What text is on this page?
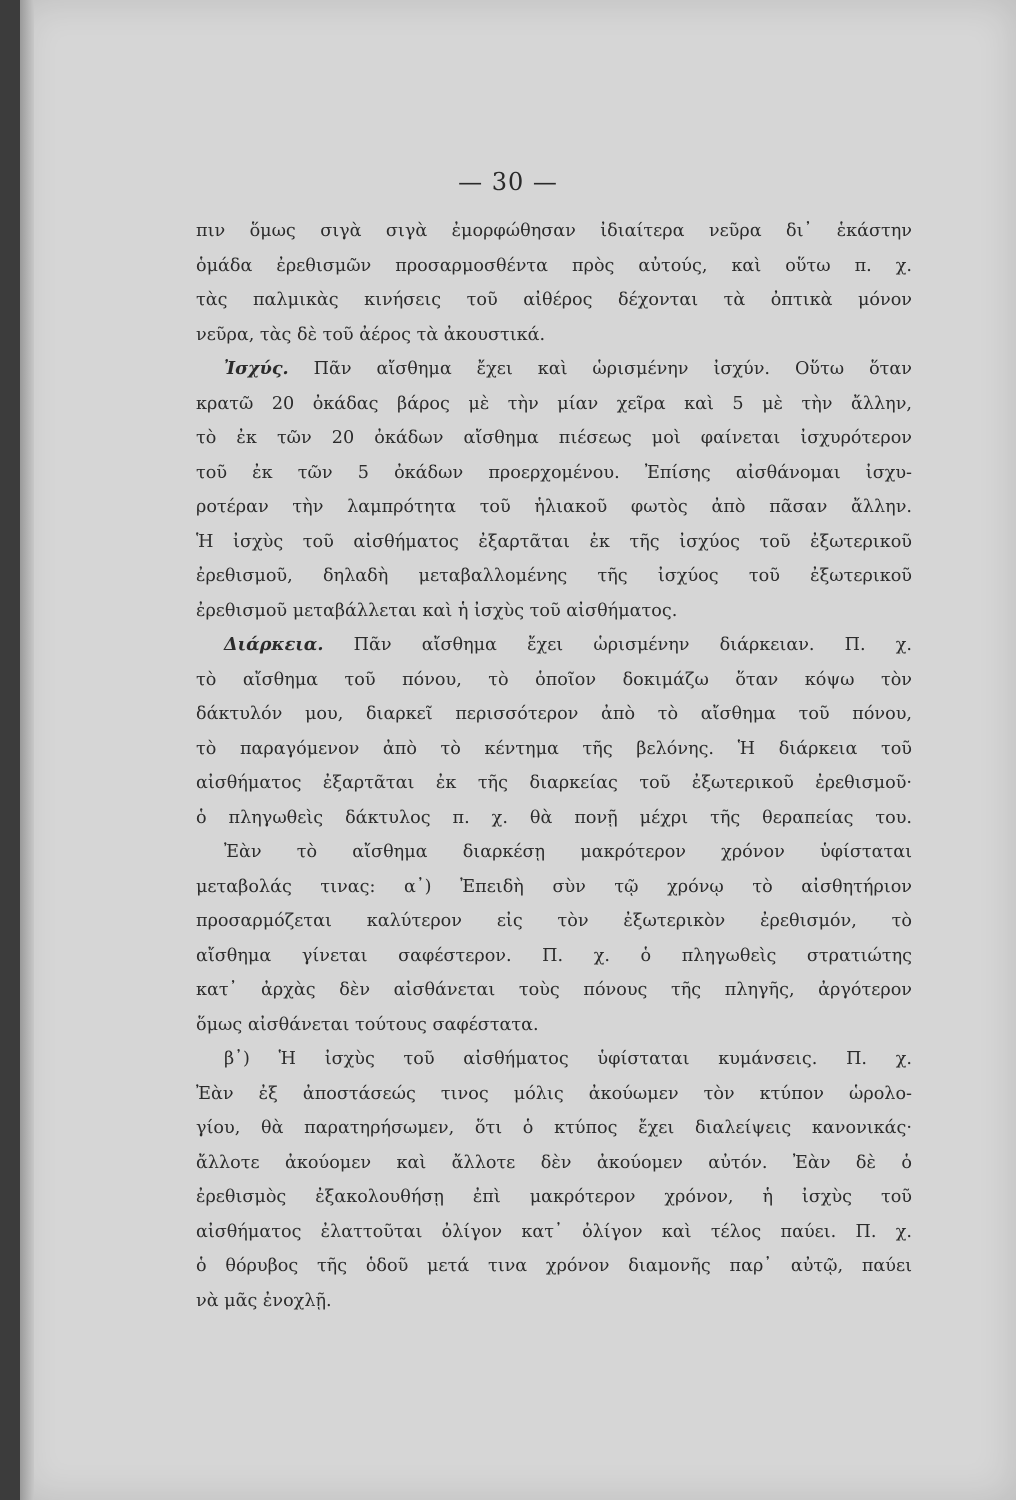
— 30 —
πιν ὅμως σιγὰ σιγὰ ἐμορφώθησαν ἰδιαίτερα νεῦρα δι᾿ ἑκάστην
ὁμάδα ἐρεθισμῶν προσαρμοσθέντα πρὸς αὐτούς, καὶ οὕτω π. χ.
τὰς παλμικὰς κινήσεις τοῦ αἰθέρος δέχονται τὰ ὀπτικὰ μόνον
νεῦρα, τὰς δὲ τοῦ ἀέρος τὰ ἀκουστικά.
Ἰσχύς. Πᾶν αἴσθημα ἔχει καὶ ὡρισμένην ἰσχύν. Οὕτω ὅταν
κρατῶ 20 ὀκάδας βάρος μὲ τὴν μίαν χεῖρα καὶ 5 μὲ τὴν ἄλλην,
τὸ ἐκ τῶν 20 ὀκάδων αἴσθημα πιέσεως μοὶ φαίνεται ἰσχυρότερον
τοῦ ἐκ τῶν 5 ὀκάδων προερχομένου. Ἐπίσης αἰσθάνομαι ἰσχυ-
ροτέραν τὴν λαμπρότητα τοῦ ἡλιακοῦ φωτὸς ἀπὸ πᾶσαν ἄλλην.
Ἡ ἰσχὺς τοῦ αἰσθήματος ἐξαρτᾶται ἐκ τῆς ἰσχύος τοῦ ἐξωτερικοῦ
ἐρεθισμοῦ, δηλαδὴ μεταβαλλομένης τῆς ἰσχύος τοῦ ἐξωτερικοῦ
ἐρεθισμοῦ μεταβάλλεται καὶ ἡ ἰσχὺς τοῦ αἰσθήματος.
Διάρκεια. Πᾶν αἴσθημα ἔχει ὡρισμένην διάρκειαν. Π. χ.
τὸ αἴσθημα τοῦ πόνου, τὸ ὁποῖον δοκιμάζω ὅταν κόψω τὸν
δάκτυλόν μου, διαρκεῖ περισσότερον ἀπὸ τὸ αἴσθημα τοῦ πόνου,
τὸ παραγόμενον ἀπὸ τὸ κέντημα τῆς βελόνης. Ἡ διάρκεια τοῦ
αἰσθήματος ἐξαρτᾶται ἐκ τῆς διαρκείας τοῦ ἐξωτερικοῦ ἐρεθισμοῦ·
ὁ πληγωθεὶς δάκτυλος π. χ. θὰ πονῇ μέχρι τῆς θεραπείας του.
Ἐὰν τὸ αἴσθημα διαρκέσῃ μακρότερον χρόνον ὑφίσταται
μεταβολάς τινας: α᾿) Ἐπειδὴ σὺν τῷ χρόνῳ τὸ αἰσθητήριον
προσαρμόζεται καλύτερον εἰς τὸν ἐξωτερικὸν ἐρεθισμόν, τὸ
αἴσθημα γίνεται σαφέστερον. Π. χ. ὁ πληγωθεὶς στρατιώτης
κατ᾿ ἀρχὰς δὲν αἰσθάνεται τοὺς πόνους τῆς πληγῆς, ἀργότερον
ὅμως αἰσθάνεται τούτους σαφέστατα.
β᾿) Ἡ ἰσχὺς τοῦ αἰσθήματος ὑφίσταται κυμάνσεις. Π. χ.
Ἐὰν ἐξ ἀποστάσεώς τινος μόλις ἀκούωμεν τὸν κτύπον ὡρολο-
γίου, θὰ παρατηρήσωμεν, ὅτι ὁ κτύπος ἔχει διαλείψεις κανονικάς·
ἄλλοτε ἀκούομεν καὶ ἄλλοτε δὲν ἀκούομεν αὐτόν. Ἐὰν δὲ ὁ
ἐρεθισμὸς ἐξακολουθήσῃ ἐπὶ μακρότερον χρόνον, ἡ ἰσχὺς τοῦ
αἰσθήματος ἐλαττοῦται ὀλίγον κατ᾿ ὀλίγον καὶ τέλος παύει. Π. χ.
ὁ θόρυβος τῆς ὁδοῦ μετά τινα χρόνον διαμονῆς παρ᾿ αὐτῷ, παύει
νὰ μᾶς ἐνοχλῇ.
